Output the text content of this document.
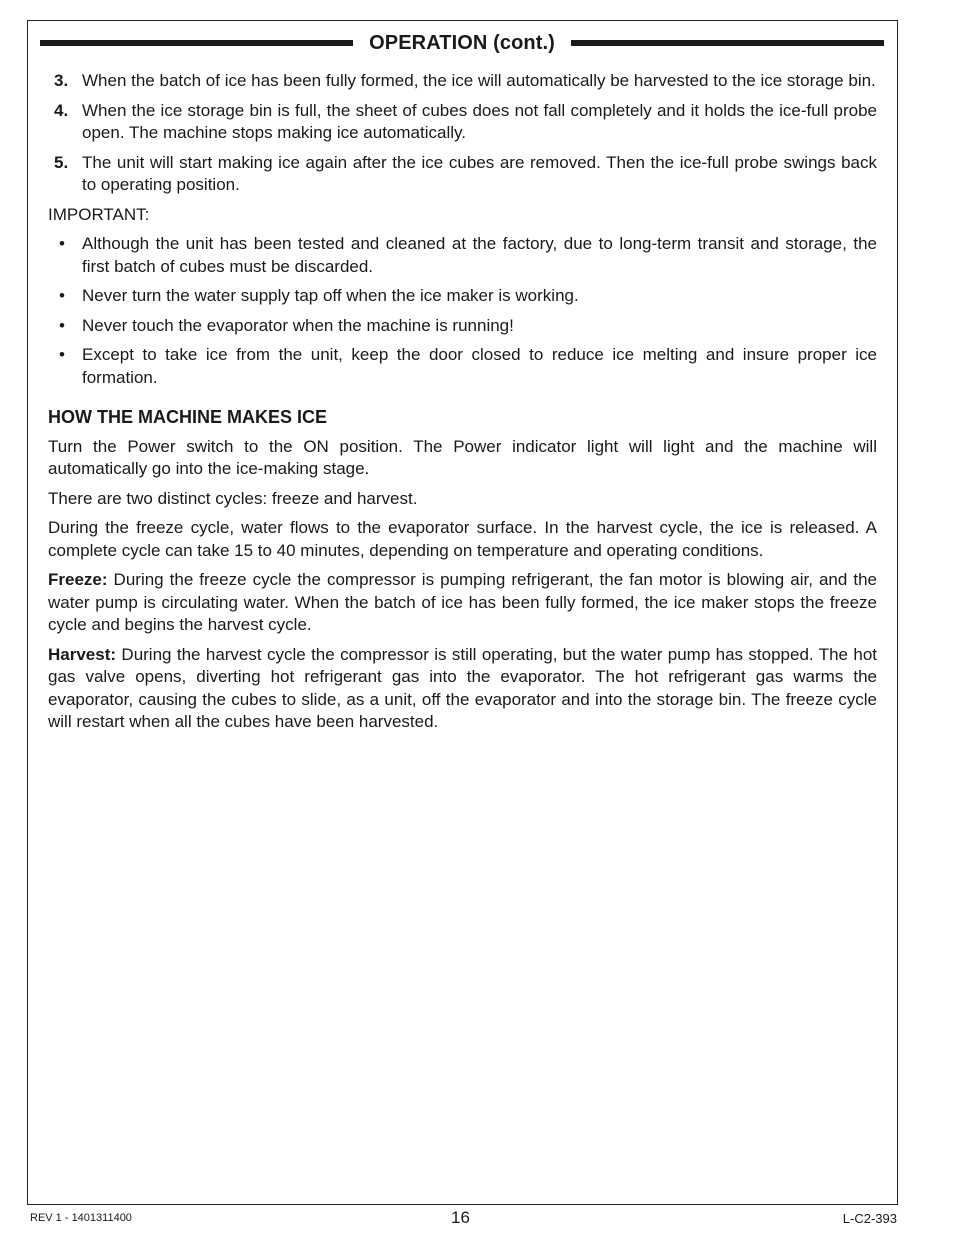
OPERATION (cont.)
3. When the batch of ice has been fully formed, the ice will automatically be harvested to the ice storage bin.
4. When the ice storage bin is full, the sheet of cubes does not fall completely and it holds the ice-full probe open. The machine stops making ice automatically.
5. The unit will start making ice again after the ice cubes are removed. Then the ice-full probe swings back to operating position.
IMPORTANT:
• Although the unit has been tested and cleaned at the factory, due to long-term transit and storage, the first batch of cubes must be discarded.
• Never turn the water supply tap off when the ice maker is working.
• Never touch the evaporator when the machine is running!
• Except to take ice from the unit, keep the door closed to reduce ice melting and insure proper ice formation.
HOW THE MACHINE MAKES ICE
Turn the Power switch to the ON position. The Power indicator light will light and the machine will automatically go into the ice-making stage.
There are two distinct cycles: freeze and harvest.
During the freeze cycle, water flows to the evaporator surface. In the harvest cycle, the ice is released. A complete cycle can take 15 to 40 minutes, depending on temperature and operating conditions.
Freeze: During the freeze cycle the compressor is pumping refrigerant, the fan motor is blowing air, and the water pump is circulating water. When the batch of ice has been fully formed, the ice maker stops the freeze cycle and begins the harvest cycle.
Harvest: During the harvest cycle the compressor is still operating, but the water pump has stopped. The hot gas valve opens, diverting hot refrigerant gas into the evaporator. The hot refrigerant gas warms the evaporator, causing the cubes to slide, as a unit, off the evaporator and into the storage bin. The freeze cycle will restart when all the cubes have been harvested.
REV 1 - 1401311400	16	L-C2-393
